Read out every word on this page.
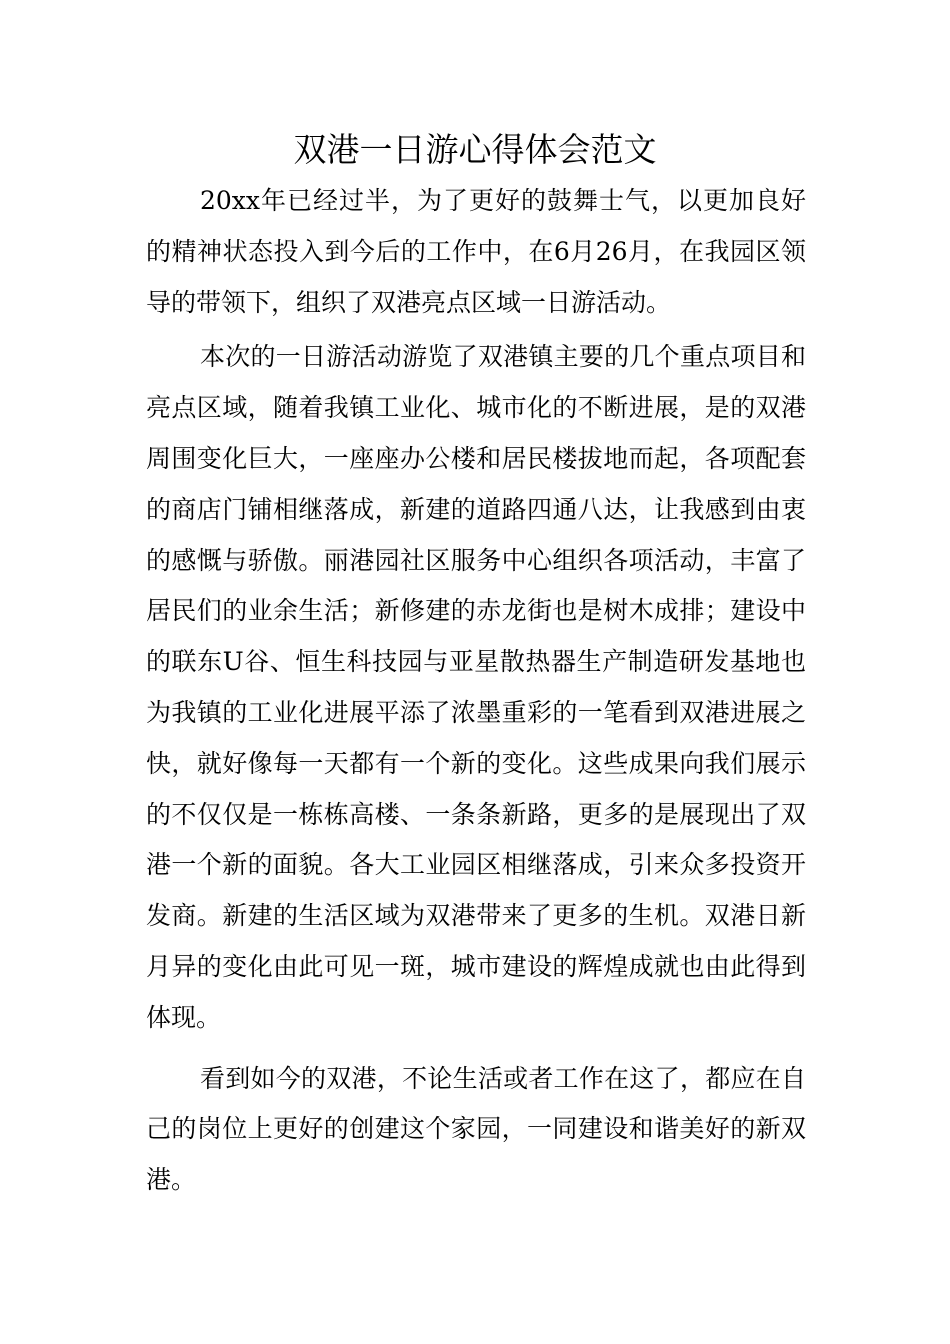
双港一日游心得体会范文

20xx年已经过半，为了更好的鼓舞士气，以更加良好的精神状态投入到今后的工作中，在6月26月，在我园区领导的带领下，组织了双港亮点区域一日游活动。

本次的一日游活动游览了双港镇主要的几个重点项目和亮点区域，随着我镇工业化、城市化的不断进展，是的双港周围变化巨大，一座座办公楼和居民楼拔地而起，各项配套的商店门铺相继落成，新建的道路四通八达，让我感到由衷的感慨与骄傲。丽港园社区服务中心组织各项活动，丰富了居民们的业余生活；新修建的赤龙街也是树木成排；建设中的联东U谷、恒生科技园与亚星散热器生产制造研发基地也为我镇的工业化进展平添了浓墨重彩的一笔看到双港进展之快，就好像每一天都有一个新的变化。这些成果向我们展示的不仅仅是一栋栋高楼、一条条新路，更多的是展现出了双港一个新的面貌。各大工业园区相继落成，引来众多投资开发商。新建的生活区域为双港带来了更多的生机。双港日新月异的变化由此可见一斑，城市建设的辉煌成就也由此得到体现。

看到如今的双港，不论生活或者工作在这了，都应在自己的岗位上更好的创建这个家园，一同建设和谐美好的新双港。
